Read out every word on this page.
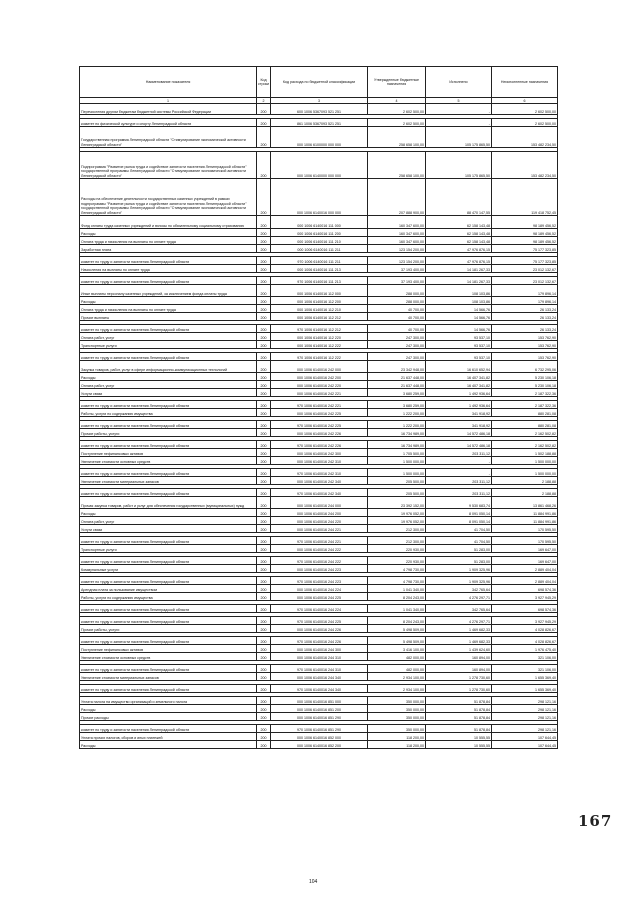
Наименование показателя	Код строки	Код расхода по бюджетной классификации	Утвержденные бюджетные назначения	Исполнено	Неисполненные назначения
1	2	3	4	5	6
Перечисления другим бюджетам бюджетной системы Российской Федерации	200	600 1006 5367093 521 251	2 602 500,00	-	2 602 500,00

комитет по физической культуре и спорту Ленинградской области	200	861 1006 5367093 521 251	2 602 500,00	-	2 602 500,00
Государственная программа Ленинградской области "Стимулирование экономической активности Ленинградской области"	200	000 1006 6100000 000 000	258 658 100,00	105 175 865,50	153 482 234,50

Подпрограмма "Развитие рынка труда и содействие занятости населения Ленинградской области" государственной программы Ленинградской области "Стимулирование экономической активности Ленинградской области"	200	000 1006 6140000 000 000	258 658 100,00	105 175 865,50	153 482 234,50
Расходы на обеспечение деятельности государственных казенных учреждений в рамках подпрограммы "Развитие рынка труда и содействие занятости населения Ленинградской области" государственной программы Ленинградской области "Стимулирование экономической активности Ленинградской области"	200	000 1006 6140016 000 000	207 888 900,00	88 470 147,55	119 418 752,45
Фонд оплаты труда казенных учреждений и взносы по обязательному социальному страхованию	200	000 1006 6140016 111 000	160 347 600,00	62 158 143,48	98 189 456,52
Расходы	200	000 1006 6140016 111 200	160 347 600,00	62 158 143,48	98 189 456,52
Оплата труда и начисления на выплаты по оплате труда	200	000 1006 6140016 111 210	160 347 600,00	62 158 143,48	98 189 456,52
Заработная плата	200	000 1006 6140016 111 211	123 154 200,00	47 976 876,15	75 177 323,85

комитет по труду и занятости населения Ленинградской области	200	970 1006 6140016 111 211	123 154 200,00	47 976 876,15	75 177 323,85
Начисления на выплаты по оплате труда	200	000 1006 6140016 111 213	37 193 400,00	14 181 267,33	23 012 132,67

комитет по труду и занятости населения Ленинградской области	200	970 1006 6140016 111 213	37 193 400,00	14 181 267,33	23 012 132,67
Иные выплаты персоналу казенных учреждений, за исключением фонда оплаты труда	200	000 1006 6140016 112 000	288 000,00	108 103,86	179 896,14
Расходы	200	000 1006 6140016 112 200	288 000,00	108 103,86	179 896,14
Оплата труда и начисления на выплаты по оплате труда	200	000 1006 6140016 112 210	40 700,00	14 566,76	26 133,24
Прочие выплаты	200	000 1006 6140016 112 212	40 700,00	14 566,76	26 133,24

комитет по труду и занятости населения Ленинградской области	200	970 1006 6140016 112 212	40 700,00	14 566,76	26 133,24
Оплата работ, услуг	200	000 1006 6140016 112 220	247 300,00	93 537,10	153 762,90
Транспортные услуги	200	000 1006 6140016 112 222	247 300,00	93 537,10	153 762,90

комитет по труду и занятости населения Ленинградской области	200	970 1006 6140016 112 222	247 300,00	93 537,10	153 762,90
Закупка товаров, работ, услуг в сфере информационно-коммуникационных технологий	200	000 1006 6140016 242 000	23 342 948,00	16 610 652,94	6 732 295,06
Расходы	200	000 1006 6140016 242 200	21 637 448,00	16 407 341,82	5 230 106,18
Оплата работ, услуг	200	000 1006 6140016 242 220	21 637 448,00	16 407 341,82	5 230 106,18
Услуги связи	200	000 1006 6140016 242 221	3 680 259,00	1 492 936,64	2 187 322,36

комитет по труду и занятости населения Ленинградской области	200	970 1006 6140016 242 221	3 680 259,00	1 492 936,64	2 187 322,36
Работы, услуги по содержанию имущества	200	000 1006 6140016 242 225	1 222 200,00	341 918,92	880 281,08

комитет по труду и занятости населения Ленинградской области	200	970 1006 6140016 242 225	1 222 200,00	341 918,92	880 281,08
Прочие работы, услуги	200	000 1006 6140016 242 226	16 734 989,00	14 572 486,18	2 162 502,82

комитет по труду и занятости населения Ленинградской области	200	970 1006 6140016 242 226	16 734 989,00	14 572 486,18	2 162 502,82
Поступление нефинансовых активов	200	000 1006 6140016 242 300	1 705 500,00	203 311,12	1 502 188,88
Увеличение стоимости основных средств	200	000 1006 6140016 242 310	1 500 000,00	-	1 500 000,00

комитет по труду и занятости населения Ленинградской области	200	970 1006 6140016 242 310	1 500 000,00	-	1 500 000,00
Увеличение стоимости материальных запасов	200	000 1006 6140016 242 340	205 500,00	203 311,12	2 188,88

комитет по труду и занятости населения Ленинградской области	200	970 1006 6140016 242 340	205 500,00	203 311,12	2 188,88
Прочая закупка товаров, работ и услуг для обеспечения государственных (муниципальных) нужд	200	000 1006 6140016 244 000	23 392 152,00	9 530 683,74	13 861 468,26
Расходы	200	000 1006 6140016 244 200	19 976 052,00	8 091 050,14	11 884 991,86
Оплата работ, услуг	200	000 1006 6140016 244 220	19 976 052,00	8 091 050,14	11 884 991,86
Услуги связи	200	000 1006 6140016 244 221	212 300,00	41 704,50	170 595,50

комитет по труду и занятости населения Ленинградской области	200	970 1006 6140016 244 221	212 300,00	41 704,50	170 595,50
Транспортные услуги	200	000 1006 6140016 244 222	220 930,00	51 283,00	169 647,00

комитет по труду и занятости населения Ленинградской области	200	970 1006 6140016 244 222	220 930,00	51 283,00	169 647,00
Коммунальные услуги	200	000 1006 6140016 244 223	4 798 730,00	1 909 325,96	2 889 404,04

комитет по труду и занятости населения Ленинградской области	200	970 1006 6140016 244 223	4 798 730,00	1 909 325,96	2 889 404,04
Арендная плата за пользование имуществом	200	000 1006 6140016 244 224	1 041 340,00	342 765,64	698 574,36
Работы, услуги по содержанию имущества	200	000 1006 6140016 244 225	8 204 243,00	4 276 297,71	3 927 945,29

комитет по труду и занятости населения Ленинградской области	200	970 1006 6140016 244 224	1 041 340,00	342 765,64	698 574,36

комитет по труду и занятости населения Ленинградской области	200	970 1006 6140016 244 225	8 204 243,00	4 276 297,71	3 927 945,29
Прочие работы, услуги	200	000 1006 6140016 244 226	5 498 509,00	1 469 682,33	4 028 826,67

комитет по труду и занятости населения Ленинградской области	200	970 1006 6140016 244 226	5 498 509,00	1 469 682,33	4 028 826,67
Поступление нефинансовых активов	200	000 1006 6140016 244 300	3 416 100,00	1 439 624,60	1 976 475,40
Увеличение стоимости основных средств	200	000 1006 6140016 244 310	482 000,00	160 894,00	321 106,00

комитет по труду и занятости населения Ленинградской области	200	970 1006 6140016 244 310	482 000,00	160 894,00	321 106,00
Увеличение стоимости материальных запасов	200	000 1006 6140016 244 340	2 934 100,00	1 278 730,60	1 655 369,40

комитет по труду и занятости населения Ленинградской области	200	970 1006 6140016 244 340	2 934 100,00	1 278 730,60	1 655 369,40

Уплата налога на имущество организаций и земельного налога	200	000 1006 6140016 851 000	350 000,00	51 878,84	298 121,16
Расходы	200	000 1006 6140016 851 200	350 000,00	51 878,84	298 121,16
Прочие расходы	200	000 1006 6140016 851 290	350 000,00	51 878,84	298 121,16

комитет по труду и занятости населения Ленинградской области	200	970 1006 6140016 851 290	350 000,00	51 878,84	298 121,16
Уплата прочих налогов, сборов и иных платежей	200	000 1006 6140016 852 000	118 200,00	10 555,55	107 644,45
Расходы	200	000 1006 6140016 852 200	118 200,00	10 555,55	107 644,45
104
167
